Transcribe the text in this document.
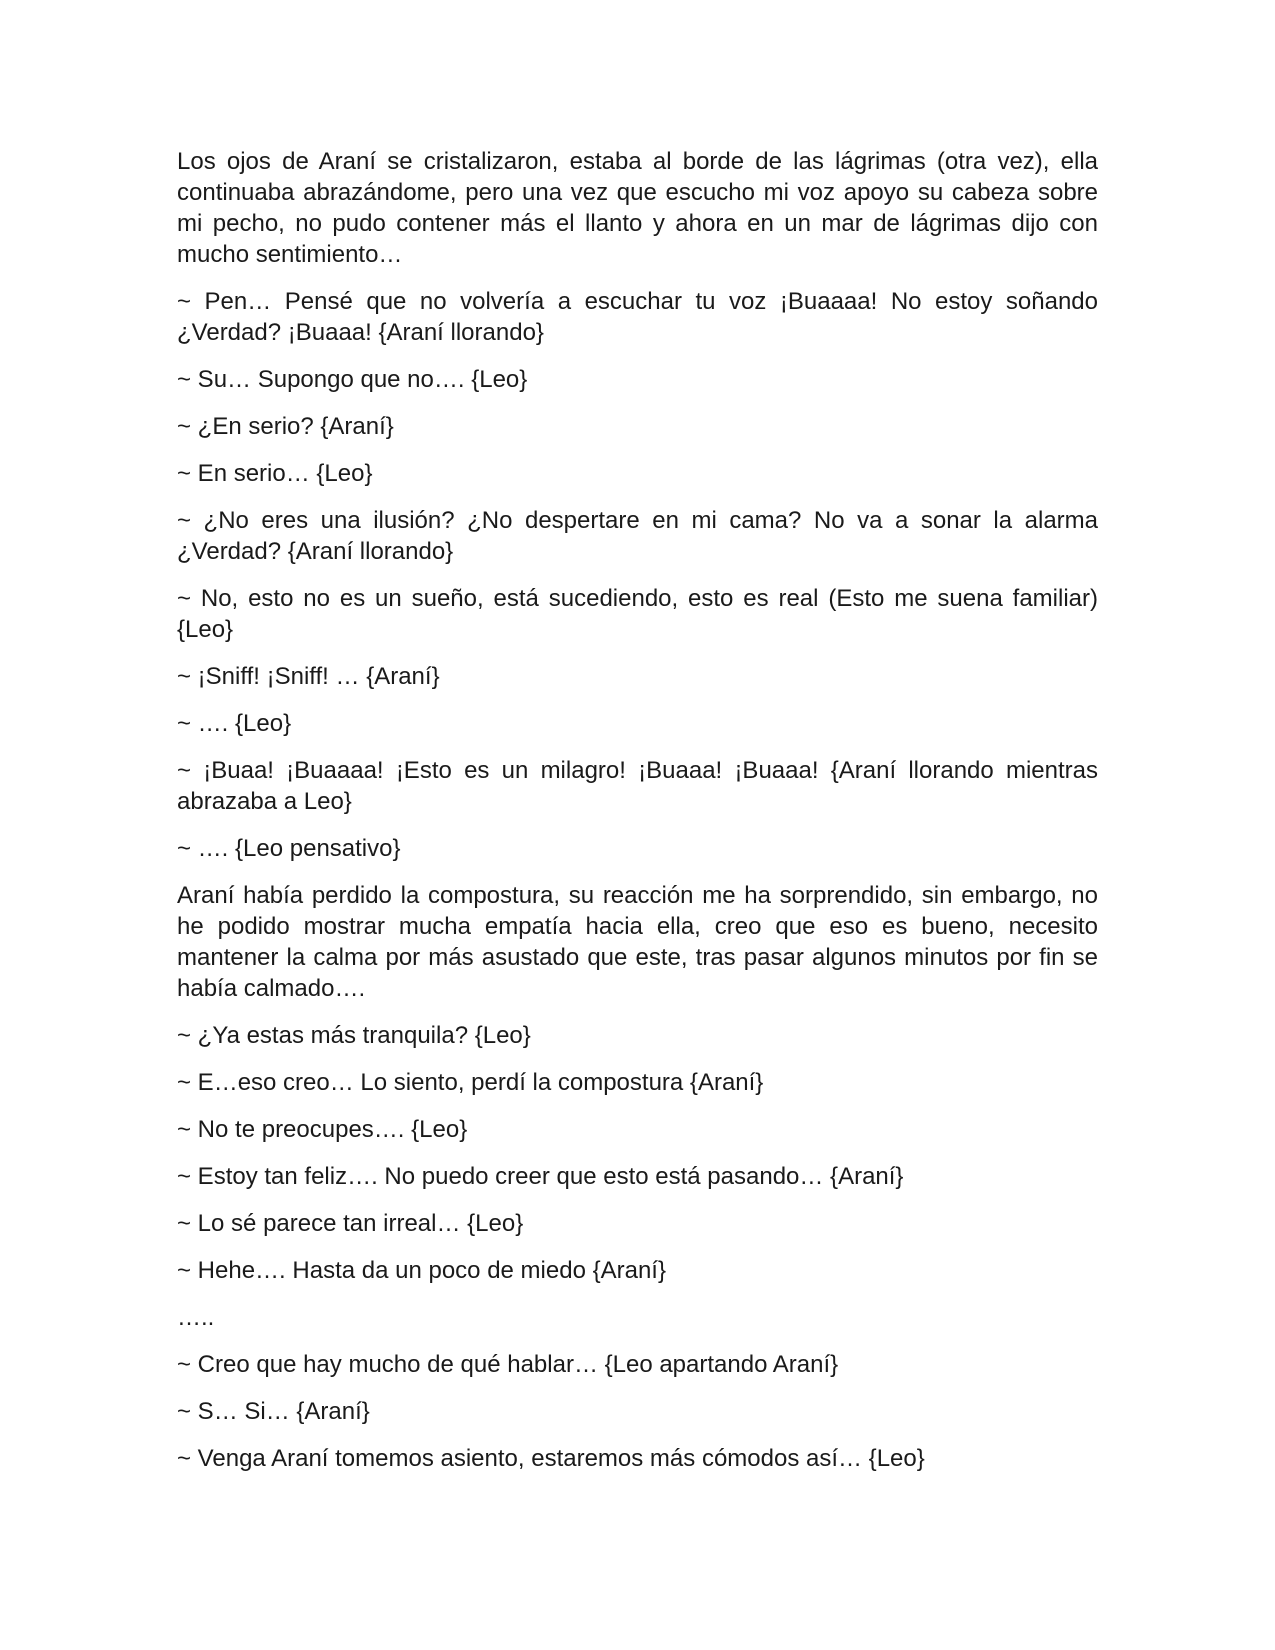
Los ojos de Araní se cristalizaron, estaba al borde de las lágrimas (otra vez), ella continuaba abrazándome, pero una vez que escucho mi voz apoyo su cabeza sobre mi pecho, no pudo contener más el llanto y ahora en un mar de lágrimas dijo con mucho sentimiento…

~ Pen… Pensé que no volvería a escuchar tu voz ¡Buaaaa! No estoy soñando ¿Verdad? ¡Buaaa! {Araní llorando}

~ Su… Supongo que no…. {Leo}

~ ¿En serio? {Araní}

~ En serio… {Leo}

~ ¿No eres una ilusión? ¿No despertare en mi cama? No va a sonar la alarma ¿Verdad? {Araní llorando}

~ No, esto no es un sueño, está sucediendo, esto es real (Esto me suena familiar) {Leo}

~ ¡Sniff! ¡Sniff! … {Araní}

~ …. {Leo}

~ ¡Buaa! ¡Buaaaa! ¡Esto es un milagro! ¡Buaaa! ¡Buaaa! {Araní llorando mientras abrazaba a Leo}

~ …. {Leo pensativo}

Araní había perdido la compostura, su reacción me ha sorprendido, sin embargo, no he podido mostrar mucha empatía hacia ella, creo que eso es bueno, necesito mantener la calma por más asustado que este, tras pasar algunos minutos por fin se había calmado….

~ ¿Ya estas más tranquila? {Leo}

~ E…eso creo… Lo siento, perdí la compostura {Araní}

~ No te preocupes…. {Leo}

~ Estoy tan feliz…. No puedo creer que esto está pasando… {Araní}

~ Lo sé parece tan irreal… {Leo}

~ Hehe…. Hasta da un poco de miedo {Araní}

…..

~ Creo que hay mucho de qué hablar… {Leo apartando Araní}

~ S… Si… {Araní}

~ Venga Araní tomemos asiento, estaremos más cómodos así… {Leo}
